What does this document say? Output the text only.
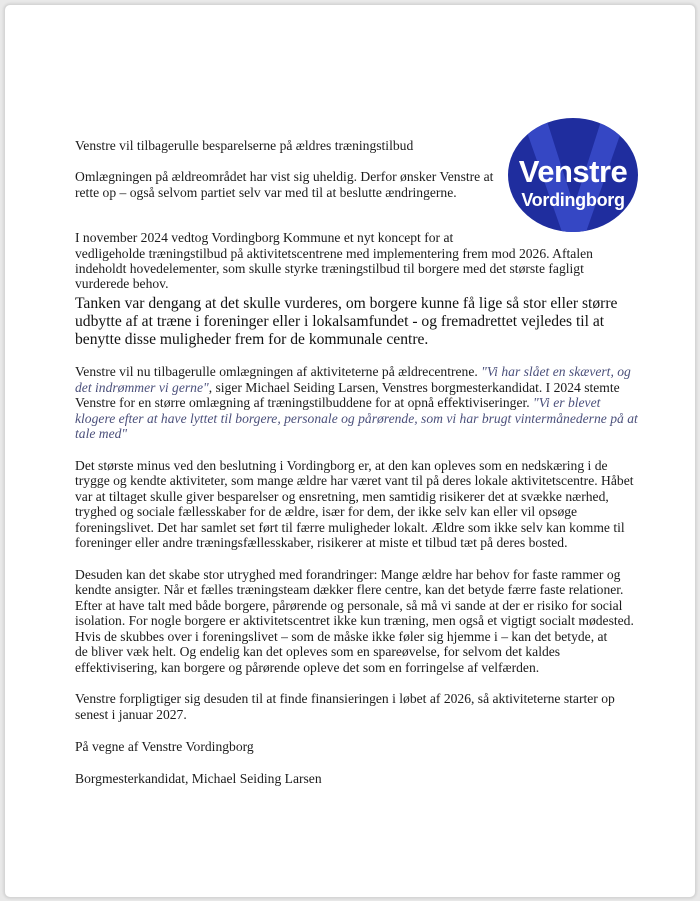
Venstre
Vordingborg

Venstre vil tilbagerulle besparelserne på ældres træningstilbud

Omlægningen på ældreområdet har vist sig uheldig. Derfor ønsker Venstre at

rette op – også selvom partiet selv var med til at beslutte ændringerne.

I november 2024 vedtog Vordingborg Kommune et nyt koncept for at

vedligeholde træningstilbud på aktivitetscentrene med implementering frem mod 2026. Aftalen

indeholdt hovedelementer, som skulle styrke træningstilbud til borgere med det største fagligt

vurderede behov.

Tanken var dengang at det skulle vurderes, om borgere kunne få lige så stor eller større

udbytte af at træne i foreninger eller i lokalsamfundet - og fremadrettet vejledes til at

benytte disse muligheder frem for de kommunale centre.

Venstre vil nu tilbagerulle omlægningen af aktiviteterne på ældrecentrene. "Vi har slået en skævert, og

det indrømmer vi gerne", siger Michael Seiding Larsen, Venstres borgmesterkandidat. I 2024 stemte

Venstre for en større omlægning af træningstilbuddene for at opnå effektiviseringer. "Vi er blevet

klogere efter at have lyttet til borgere, personale og pårørende, som vi har brugt vintermånederne på at

tale med"

Det største minus ved den beslutning i Vordingborg er, at den kan opleves som en nedskæring i de

trygge og kendte aktiviteter, som mange ældre har været vant til på deres lokale aktivitetscentre. Håbet

var at tiltaget skulle giver besparelser og ensretning, men samtidig risikerer det at svække nærhed,

tryghed og sociale fællesskaber for de ældre, især for dem, der ikke selv kan eller vil opsøge

foreningslivet. Det har samlet set ført til færre muligheder lokalt. Ældre som ikke selv kan komme til

foreninger eller andre træningsfællesskaber, risikerer at miste et tilbud tæt på deres bosted.

Desuden kan det skabe stor utryghed med forandringer: Mange ældre har behov for faste rammer og

kendte ansigter. Når et fælles træningsteam dækker flere centre, kan det betyde færre faste relationer.

Efter at have talt med både borgere, pårørende og personale, så må vi sande at der er risiko for social

isolation. For nogle borgere er aktivitetscentret ikke kun træning, men også et vigtigt socialt mødested.

Hvis de skubbes over i foreningslivet – som de måske ikke føler sig hjemme i – kan det betyde, at

de bliver væk helt. Og endelig kan det opleves som en spareøvelse, for selvom det kaldes

effektivisering, kan borgere og pårørende opleve det som en forringelse af velfærden.

Venstre forpligtiger sig desuden til at finde finansieringen i løbet af 2026, så aktiviteterne starter op

senest i januar 2027.

På vegne af Venstre Vordingborg

Borgmesterkandidat, Michael Seiding Larsen
